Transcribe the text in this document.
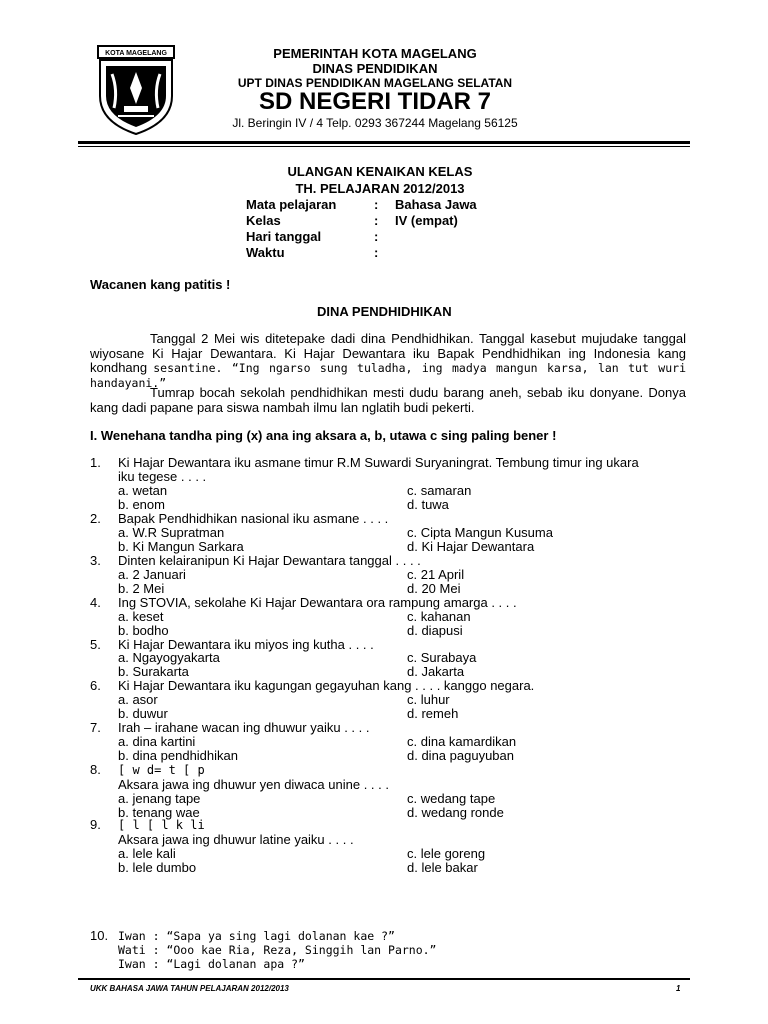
KOTA MAGELANG	PEMERINTAH KOTA MAGELANG
DINAS PENDIDIKAN
UPT DINAS PENDIDIKAN MAGELANG SELATAN
SD NEGERI TIDAR 7
Jl. Beringin IV / 4 Telp. 0293 367244 Magelang 56125
ULANGAN KENAIKAN KELAS
TH. PELAJARAN 2012/2013
Mata pelajaran	: Bahasa Jawa
Kelas	: IV (empat)
Hari tanggal	:
Waktu	:
Wacanen kang patitis !
DINA PENDHIDHIKAN
Tanggal 2 Mei wis ditetepake dadi dina Pendhidhikan. Tanggal kasebut mujudake tanggal wiyosane Ki Hajar Dewantara. Ki Hajar Dewantara iku Bapak Pendhidhikan ing Indonesia kang kondhang sesantine. “Ing ngarso sung tuladha, ing madya mangun karsa, lan tut wuri handayani.”
Tumrap bocah sekolah pendhidhikan mesti dudu barang aneh, sebab iku donyane. Donya kang dadi papane para siswa nambah ilmu lan nglatih budi pekerti.
I. Wenehana tandha ping (x) ana ing aksara a, b, utawa c sing paling bener !
1. Ki Hajar Dewantara iku asmane timur R.M Suwardi Suryaningrat. Tembung timur ing ukara
iku tegese . . . .
a. wetan	c. samaran
b. enom	d. tuwa
2. Bapak Pendhidhikan nasional iku asmane . . . .
a. W.R Supratman	c. Cipta Mangun Kusuma
b. Ki Mangun Sarkara	d. Ki Hajar Dewantara
3. Dinten kelairanipun Ki Hajar Dewantara tanggal . . . .
a. 2 Januari	c. 21 April
b. 2 Mei	d. 20 Mei
4. Ing STOVIA, sekolahe Ki Hajar Dewantara ora rampung amarga . . . .
a. keset	c. kahanan
b. bodho	d. diapusi
5. Ki Hajar Dewantara iku miyos ing kutha . . . .
a. Ngayogyakarta	c. Surabaya
b. Surakarta	d. Jakarta
6. Ki Hajar Dewantara iku kagungan gegayuhan kang . . . . kanggo negara.
a. asor	c. luhur
b. duwur	d. remeh
7. Irah – irahane wacan ing dhuwur yaiku . . . .
a. dina kartini	c. dina kamardikan
b. dina pendhidhikan	d. dina paguyuban
8. [ w d= t [ p
Aksara jawa ing dhuwur yen diwaca unine . . . .
a. jenang tape	c. wedang tape
b. tenang wae	d. wedang ronde
9. [ l [ l k li
Aksara jawa ing dhuwur latine yaiku . . . .
a. lele kali	c. lele goreng
b. lele dumbo	d. lele bakar
10. Iwan : “Sapa ya sing lagi dolanan kae ?”
Wati : “Ooo kae Ria, Reza, Singgih lan Parno.”
Iwan : “Lagi dolanan apa ?”
UKK BAHASA JAWA TAHUN PELAJARAN 2012/2013	1
